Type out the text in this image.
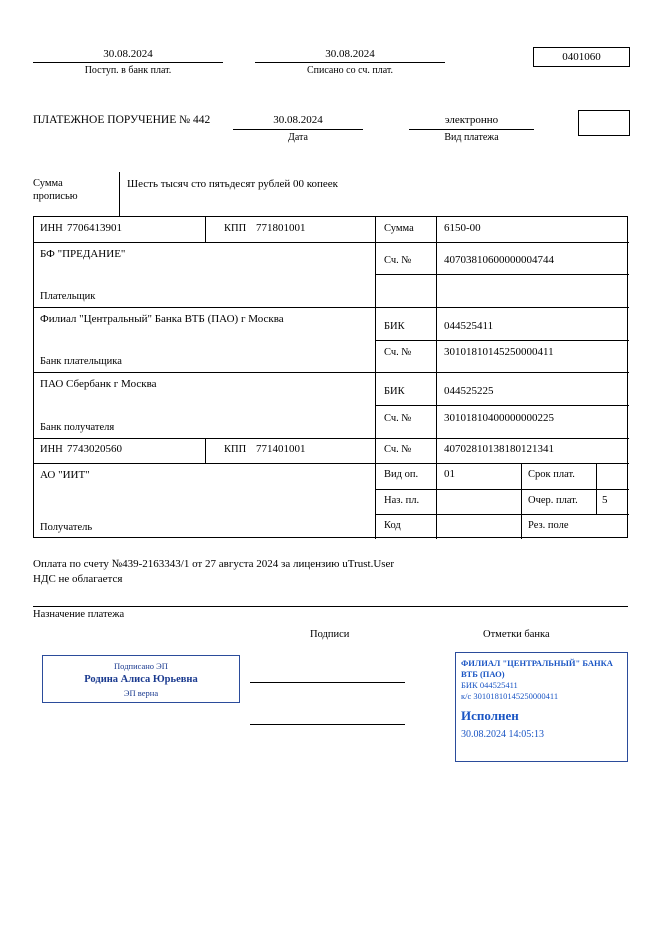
30.08.2024
Поступ. в банк плат.
30.08.2024
Списано со сч. плат.
0401060
ПЛАТЕЖНОЕ ПОРУЧЕНИЕ № 442	30.08.2024
Дата
электронно
Вид платежа
Сумма
прописью
Шесть тысяч сто пятьдесят рублей 00 копеек
ИНН 7706413901	КПП 771801001	Сумма	6150-00
БФ "ПРЕДАНИЕ"
Сч. №	40703810600000004744
Плательщик
Филиал "Центральный" Банка ВТБ (ПАО) г Москва
БИК	044525411
Сч. №	30101810145250000411
Банк плательщика
ПАО Сбербанк г Москва
БИК	044525225
Сч. №	30101810400000000225
Банк получателя
ИНН 7743020560	КПП 771401001	Сч. №	40702810138180121341
АО "ИИТ"
Получатель
Вид оп. 01	Срок плат.
Наз. пл.	Очер. плат. 5
Код	Рез. поле
Оплата по счету №439-2163343/1 от 27 августа 2024 за лицензию uTrust.User
НДС не облагается
Назначение платежа
Подписи	Отметки банка
Подписано ЭП
Родина Алиса Юрьевна
ЭП верна
ФИЛИАЛ "ЦЕНТРАЛЬНЫЙ" БАНКА
ВТБ (ПАО)
БИК 044525411
к/с 30101810145250000411
Исполнен
30.08.2024 14:05:13
